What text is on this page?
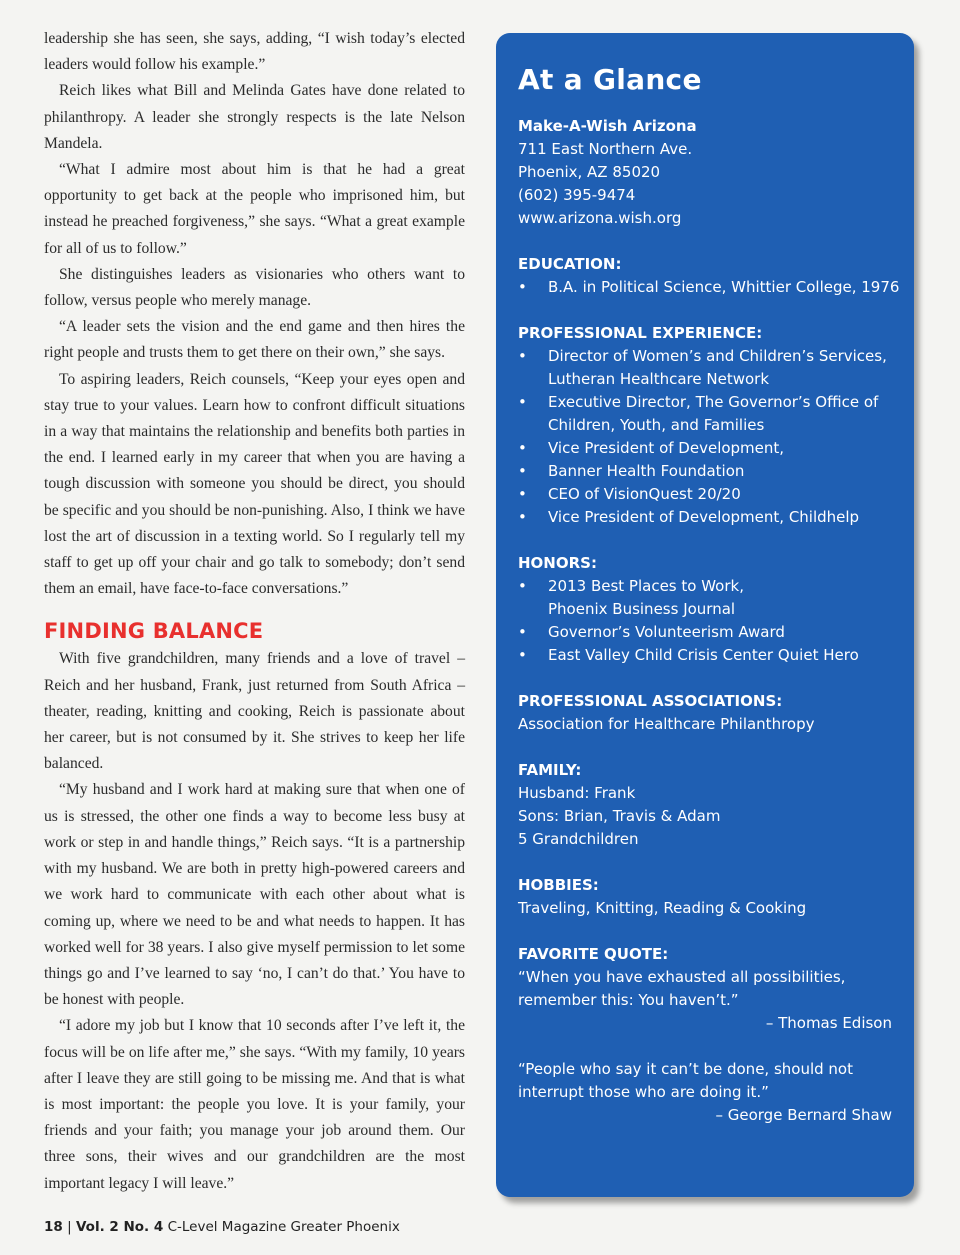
leadership she has seen, she says, adding, “I wish today’s elected leaders would follow his example.”

Reich likes what Bill and Melinda Gates have done related to philanthropy. A leader she strongly respects is the late Nelson Mandela.

“What I admire most about him is that he had a great opportunity to get back at the people who imprisoned him, but instead he preached forgiveness,” she says. “What a great example for all of us to follow.”

She distinguishes leaders as visionaries who others want to follow, versus people who merely manage.

“A leader sets the vision and the end game and then hires the right people and trusts them to get there on their own,” she says.

To aspiring leaders, Reich counsels, “Keep your eyes open and stay true to your values. Learn how to confront difficult situations in a way that maintains the relationship and benefits both parties in the end. I learned early in my career that when you are having a tough discussion with someone you should be direct, you should be specific and you should be non-punishing. Also, I think we have lost the art of discussion in a texting world. So I regularly tell my staff to get up off your chair and go talk to somebody; don’t send them an email, have face-to-face conversations.”

FINDING BALANCE

With five grandchildren, many friends and a love of travel – Reich and her husband, Frank, just returned from South Africa – theater, reading, knitting and cooking, Reich is passionate about her career, but is not consumed by it. She strives to keep her life balanced.

“My husband and I work hard at making sure that when one of us is stressed, the other one finds a way to become less busy at work or step in and handle things,” Reich says. “It is a partnership with my husband. We are both in pretty high-powered careers and we work hard to communicate with each other about what is coming up, where we need to be and what needs to happen. It has worked well for 38 years. I also give myself permission to let some things go and I’ve learned to say ‘no, I can’t do that.’ You have to be honest with people.

“I adore my job but I know that 10 seconds after I’ve left it, the focus will be on life after me,” she says. “With my family, 10 years after I leave they are still going to be missing me. And that is what is most important: the people you love. It is your family, your friends and your faith; you manage your job around them. Our three sons, their wives and our grandchildren are the most important legacy I will leave.”

18 | Vol. 2 No. 4 C-Level Magazine Greater Phoenix
At a Glance

Make-A-Wish Arizona

711 East Northern Ave.

Phoenix, AZ 85020

(602) 395-9474

www.arizona.wish.org

EDUCATION:

• B.A. in Political Science, Whittier College, 1976

PROFESSIONAL EXPERIENCE:

• Director of Women’s and Children’s Services,
Lutheran Healthcare Network
• Executive Director, The Governor’s Office of
Children, Youth, and Families
• Vice President of Development,
• Banner Health Foundation
• CEO of VisionQuest 20/20
• Vice President of Development, Childhelp

HONORS:

• 2013 Best Places to Work,
Phoenix Business Journal
• Governor’s Volunteerism Award
• East Valley Child Crisis Center Quiet Hero

PROFESSIONAL ASSOCIATIONS:

Association for Healthcare Philanthropy

FAMILY:

Husband: Frank

Sons: Brian, Travis & Adam

5 Grandchildren

HOBBIES:

Traveling, Knitting, Reading & Cooking

FAVORITE QUOTE:

“When you have exhausted all possibilities,

remember this: You haven’t.”

– Thomas Edison

“People who say it can’t be done, should not

interrupt those who are doing it.”

– George Bernard Shaw
